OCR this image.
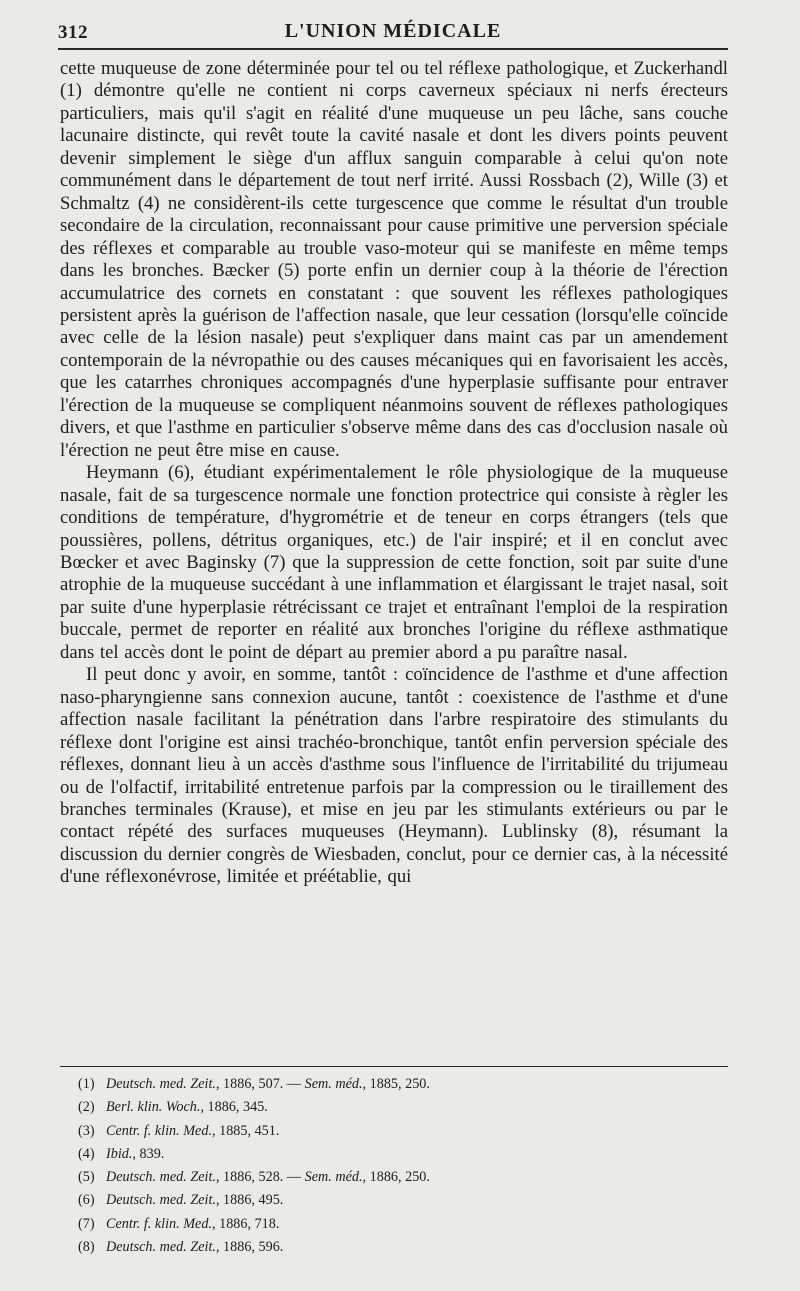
312	L'UNION MÉDICALE

cette muqueuse de zone déterminée pour tel ou tel réflexe pathologique, et Zuckerhandl (1) démontre qu'elle ne contient ni corps caverneux spéciaux ni nerfs érecteurs particuliers, mais qu'il s'agit en réalité d'une muqueuse un peu lâche, sans couche lacunaire distincte, qui revêt toute la cavité nasale et dont les divers points peuvent devenir simplement le siège d'un afflux sanguin comparable à celui qu'on note communément dans le département de tout nerf irrité. Aussi Rossbach (2), Wille (3) et Schmaltz (4) ne considèrent-ils cette turgescence que comme le résultat d'un trouble secondaire de la circulation, reconnaissant pour cause primitive une perversion spéciale des réflexes et comparable au trouble vaso-moteur qui se manifeste en même temps dans les bronches. Bæcker (5) porte enfin un dernier coup à la théorie de l'érection accumulatrice des cornets en constatant : que souvent les réflexes pathologiques persistent après la guérison de l'affection nasale, que leur cessation (lorsqu'elle coïncide avec celle de la lésion nasale) peut s'expliquer dans maint cas par un amendement contemporain de la névropathie ou des causes mécaniques qui en favorisaient les accès, que les catarrhes chroniques accompagnés d'une hyperplasie suffisante pour entraver l'érection de la muqueuse se compliquent néanmoins souvent de réflexes pathologiques divers, et que l'asthme en particulier s'observe même dans des cas d'occlusion nasale où l'érection ne peut être mise en cause.

Heymann (6), étudiant expérimentalement le rôle physiologique de la muqueuse nasale, fait de sa turgescence normale une fonction protectrice qui consiste à règler les conditions de température, d'hygrométrie et de teneur en corps étrangers (tels que poussières, pollens, détritus organiques, etc.) de l'air inspiré; et il en conclut avec Bœcker et avec Baginsky (7) que la suppression de cette fonction, soit par suite d'une atrophie de la muqueuse succédant à une inflammation et élargissant le trajet nasal, soit par suite d'une hyperplasie rétrécissant ce trajet et entraînant l'emploi de la respiration buccale, permet de reporter en réalité aux bronches l'origine du réflexe asthmatique dans tel accès dont le point de départ au premier abord a pu paraître nasal.

Il peut donc y avoir, en somme, tantôt : coïncidence de l'asthme et d'une affection naso-pharyngienne sans connexion aucune, tantôt : coexistence de l'asthme et d'une affection nasale facilitant la pénétration dans l'arbre respiratoire des stimulants du réflexe dont l'origine est ainsi trachéo-bronchique, tantôt enfin perversion spéciale des réflexes, donnant lieu à un accès d'asthme sous l'influence de l'irritabilité du trijumeau ou de l'olfactif, irritabilité entretenue parfois par la compression ou le tiraillement des branches terminales (Krause), et mise en jeu par les stimulants extérieurs ou par le contact répété des surfaces muqueuses (Heymann). Lublinsky (8), résumant la discussion du dernier congrès de Wiesbaden, conclut, pour ce dernier cas, à la nécessité d'une réflexonévrose, limitée et préétablie, qui

(1) Deutsch. med. Zeit., 1886, 507. — Sem. méd., 1885, 250.
(2) Berl. klin. Woch., 1886, 345.
(3) Centr. f. klin. Med., 1885, 451.
(4) Ibid., 839.
(5) Deutsch. med. Zeit., 1886, 528. — Sem. méd., 1886, 250.
(6) Deutsch. med. Zeit., 1886, 495.
(7) Centr. f. klin. Med., 1886, 718.
(8) Deutsch. med. Zeit., 1886, 596.
